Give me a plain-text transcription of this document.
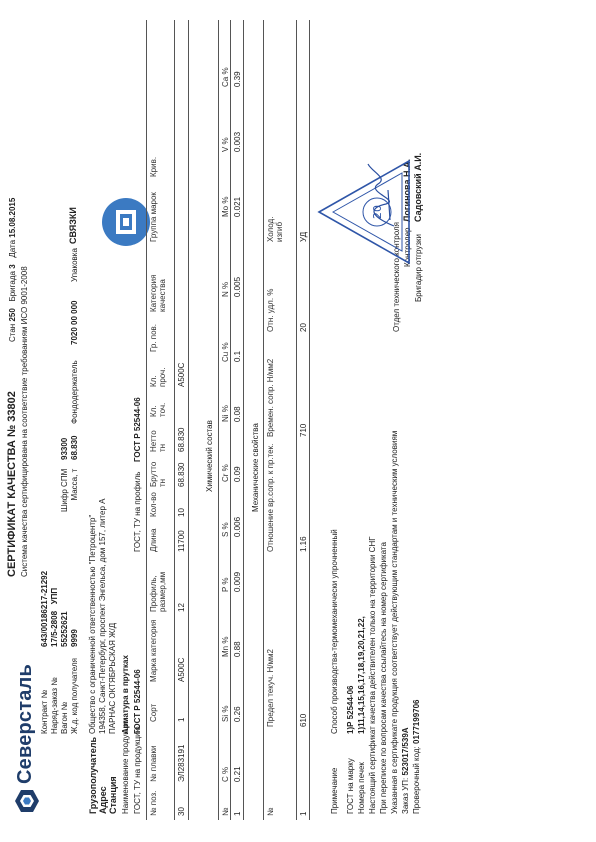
Северсталь
СЕРТИФИКАТ КАЧЕСТВА № 33802
Стан 250   Бригада 3   Дата 15.08.2015
Система качества сертифицирована на соответствие требованиям ИСО 9001-2008
Контракт № Наряд-заказ № Вагон № Ж.д. код получателя
643/00186217-21292 17/5-2808   УПП
55252621 9999
Шифр СПМ Масса, т
93300 68.830
Фондодержатель
7020 00 000
Упаковка
СВЯЗКИ
Грузополучатель Адрес Станция
Общество с ограниченной ответственностью "Петроцентр" 194358, Санкт-Петербург, проспект Энгельса, дом 157, литер А ПАРНАС ОКТЯБРЬСКАЯ Ж/Д
Наименование продукции
Арматура в прутках
ГОСТ, ТУ на продукцию
ГОСТ Р 52544-06
ГОСТ, ТУ на профиль
ГОСТ Р 52544-06
№ поз.
№ плавки
Сорт
Марка категория
Профиль, размер,мм
Длина
Кол-во
Брутто тн
Нетто тн
Кл. точ.
Кл. проч.
Гр. пов.
Категория качества
Группа марок
Крив.
30
ЭЛ283191
1
A500C
12
11700
10
68.830
68.830
A500C
Химический состав
№
C %
Si %
Mn %
P %
S %
Cr %
Ni %
Cu %
N %
Mo %
V %
Ca %
1
0.21
0.26
0.88
0.009
0.006
0.09
0.08
0.1
0.005
0.021
0.003
0.39
Механические свойства
№
Предел текуч. Н/мм2
Отношение вр.сопр. к пр.тек.
Времен. сопр. Н/мм2
Отн. удл. %
Холод. изгиб
1
610
1.16
710
20
УД
Примечание
Способ производства-термомеханически упрочненный
ГОСТ на марку
1)Р 52544-06
Номера печек
1)11,14,15,16,17,18,19,20,21,22, Настоящий сертификат качества действителен только на территории СНГ При переписке по вопросам качества ссылайтесь на номер сертификата Указанная в сертификате продукция соответствует действующим стандартам и техническим условиям Заказ УП: 523017/539A Проверочный код: 0177199706
Отдел технического контроля Контролер
Логинова Н.А.
Бригадир отгрузки
Садовский А.И.
20
